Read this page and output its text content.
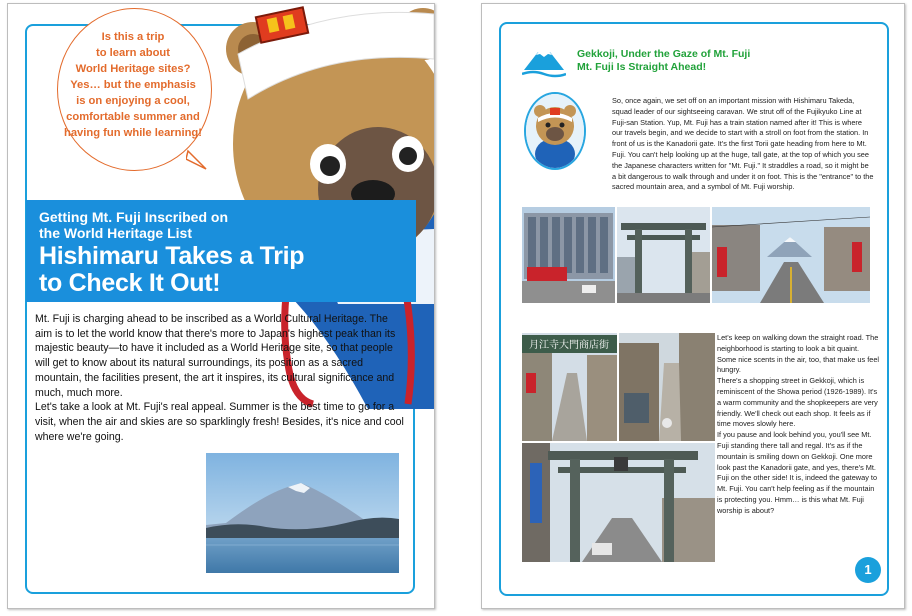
Is this a trip
to learn about
World Heritage sites?
Yes… but the emphasis
is on enjoying a cool,
comfortable summer and
having fun while learning!
Getting Mt. Fuji Inscribed on
the World Heritage List
Hishimaru Takes a Trip
to Check It Out!

Mt. Fuji is charging ahead to be inscribed as a World Cultural Heritage. The aim is to let the world know that there's more to Japan's highest peak than its majestic beauty—to have it included as a World Heritage site, so that people will get to know about its natural surroundings, its position as a sacred mountain, the facilities present, the art it inspires, its cultural significance and much, much more.

Let's take a look at Mt. Fuji's real appeal. Summer is the best time to go for a visit, when the air and skies are so sparklingly fresh! Besides, it's nice and cool where we're going.

Gekkoji, Under the Gaze of Mt. Fuji
Mt. Fuji Is Straight Ahead!

So, once again, we set off on an important mission with Hishimaru Takeda, squad leader of our sightseeing caravan. We strut off of the Fujikyuko Line at Fuji-san Station. Yup, Mt. Fuji has a train station named after it! This is where our travels begin, and we decide to start with a stroll on foot from the station. In front of us is the Kanadorii gate. It's the first Torii gate heading from here to Mt. Fuji. You can't help looking up at the huge, tall gate, at the top of which you see the Japanese characters written for "Mt. Fuji." It straddles a road, so it might be a bit dangerous to walk through and under it on foot. This is the "entrance" to the sacred mountain area, and a symbol of Mt. Fuji worship.

月江寺大門商店街

Let's keep on walking down the straight road. The neighborhood is starting to look a bit quaint. Some nice scents in the air, too, that make us feel hungry.

There's a shopping street in Gekkoji, which is reminiscent of the Showa period (1926-1989). It's a warm community and the shopkeepers are very friendly. We'll check out each shop. It feels as if time moves slowly here.

If you pause and look behind you, you'll see Mt. Fuji standing there tall and regal. It's as if the mountain is smiling down on Gekkoji. One more look past the Kanadorii gate, and yes, there's Mt. Fuji on the other side! It is, indeed the gateway to Mt. Fuji. You can't help feeling as if the mountain is protecting you. Hmm… is this what Mt. Fuji worship is about?

1
